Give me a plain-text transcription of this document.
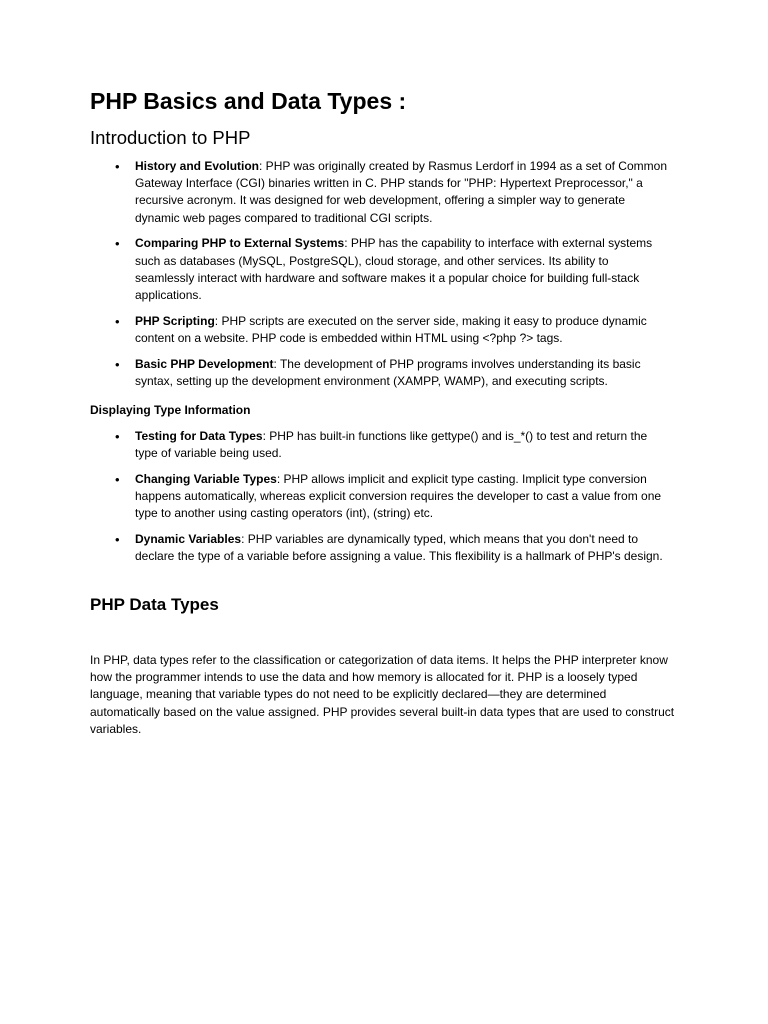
PHP Basics and Data Types :
Introduction to PHP
• History and Evolution: PHP was originally created by Rasmus Lerdorf in 1994 as a set of Common Gateway Interface (CGI) binaries written in C. PHP stands for "PHP: Hypertext Preprocessor," a recursive acronym. It was designed for web development, offering a simpler way to generate dynamic web pages compared to traditional CGI scripts.
• Comparing PHP to External Systems: PHP has the capability to interface with external systems such as databases (MySQL, PostgreSQL), cloud storage, and other services. Its ability to seamlessly interact with hardware and software makes it a popular choice for building full-stack applications.
• PHP Scripting: PHP scripts are executed on the server side, making it easy to produce dynamic content on a website. PHP code is embedded within HTML using <?php ?> tags.
• Basic PHP Development: The development of PHP programs involves understanding its basic syntax, setting up the development environment (XAMPP, WAMP), and executing scripts.
Displaying Type Information
• Testing for Data Types: PHP has built-in functions like gettype() and is_*() to test and return the type of variable being used.
• Changing Variable Types: PHP allows implicit and explicit type casting. Implicit type conversion happens automatically, whereas explicit conversion requires the developer to cast a value from one type to another using casting operators (int), (string) etc.
• Dynamic Variables: PHP variables are dynamically typed, which means that you don't need to declare the type of a variable before assigning a value. This flexibility is a hallmark of PHP's design.
PHP Data Types

In PHP, data types refer to the classification or categorization of data items. It helps the PHP interpreter know how the programmer intends to use the data and how memory is allocated for it. PHP is a loosely typed language, meaning that variable types do not need to be explicitly declared—they are determined automatically based on the value assigned. PHP provides several built-in data types that are used to construct variables.
